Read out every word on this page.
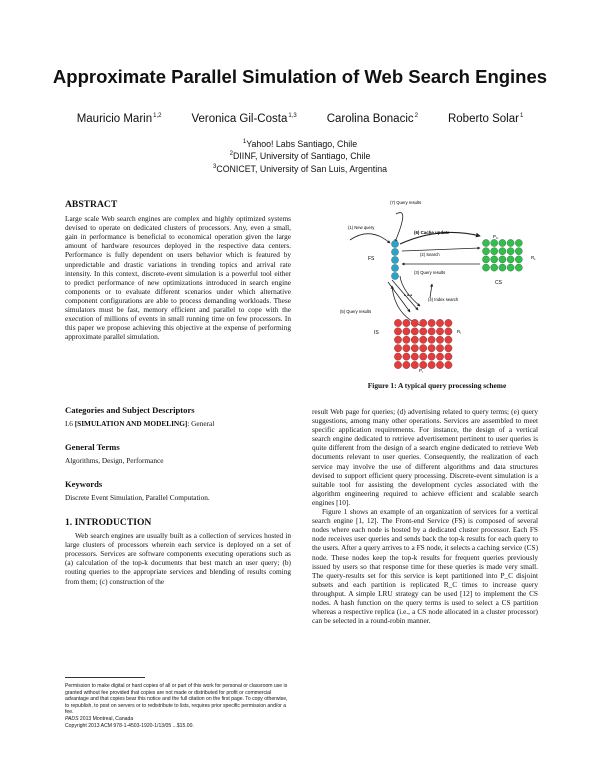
Approximate Parallel Simulation of Web Search Engines
Mauricio Marin$^{1,2}$	Veronica Gil-Costa$^{1,3}$	Carolina Bonacic$^2$	Roberto Solar$^1$
$^1$Yahoo! Labs Santiago, Chile
$^2$DIINF, University of Santiago, Chile
$^3$CONICET, University of San Luis, Argentina
ABSTRACT

Large scale Web search engines are complex and highly optimized systems devised to operate on dedicated clusters of processors. Any, even a small, gain in performance is beneficial to economical operation given the large amount of hardware resources deployed in the respective data centers. Performance is fully dependent on users behavior which is featured by unpredictable and drastic variations in trending topics and arrival rate intensity. In this context, discrete-event simulation is a powerful tool either to predict performance of new optimizations introduced in search engine components or to evaluate different scenarios under which alternative component configurations are able to process demanding workloads. These simulators must be fast, memory efficient and parallel to cope with the execution of millions of events in small running time on few processors. In this paper we propose achieving this objective at the expense of performing approximate parallel simulation.

Categories and Subject Descriptors

I.6 [SIMULATION AND MODELING]: General

General Terms

Algorithms, Design, Performance

Keywords

Discrete Event Simulation, Parallel Computation.

1. INTRODUCTION

Web search engines are usually built as a collection of services hosted in large clusters of processors wherein each service is deployed on a set of processors. Services are software components executing operations such as (a) calculation of the top-k documents that best match an user query; (b) routing queries to the appropriate services and blending of results coming from them; (c) construction of the

Permission to make digital or hard copies of all or part of this work for personal or classroom use is granted without fee provided that copies are not made or distributed for profit or commercial advantage and that copies bear this notice and the full citation on the first page. To copy otherwise, to republish, to post on servers or to redistribute to lists, requires prior specific permission and/or a fee.
PADS 2013 Montreal, Canada
Copyright 2013 ACM 978-1-4503-1920-1/13/05 ...$15.00.
(7) Query results
(1) New query
(6) Cache update
(2) Search
(3) Query results
(4) Index search
(5) Query results
FS
CS
IS
$P_C$
$R_L$
$R_I$
$P_I$
• • •
Figure 1: A typical query processing scheme

result Web page for queries; (d) advertising related to query terms; (e) query suggestions, among many other operations. Services are assembled to meet specific application requirements. For instance, the design of a vertical search engine dedicated to retrieve advertisement pertinent to user queries is quite different from the design of a search engine dedicated to retrieve Web documents relevant to user queries. Consequently, the realization of each service may involve the use of different algorithms and data structures devised to support efficient query processing. Discrete-event simulation is a suitable tool for assisting the development cycles associated with the algorithm engineering required to achieve efficient and scalable search engines [10].

Figure 1 shows an example of an organization of services for a vertical search engine [1, 12]. The Front-end Service (FS) is composed of several nodes where each node is hosted by a dedicated cluster processor. Each FS node receives user queries and sends back the top-k results for each query to the users. After a query arrives to a FS node, it selects a caching service (CS) node. These nodes keep the top-k results for frequent queries previously issued by users so that response time for these queries is made very small. The query-results set for this service is kept partitioned into P_C disjoint subsets and each partition is replicated R_C times to increase query throughput. A simple LRU strategy can be used [12] to implement the CS nodes. A hash function on the query terms is used to select a CS partition whereas a respective replica (i.e., a CS node allocated in a cluster processor) can be selected in a round-robin manner.
